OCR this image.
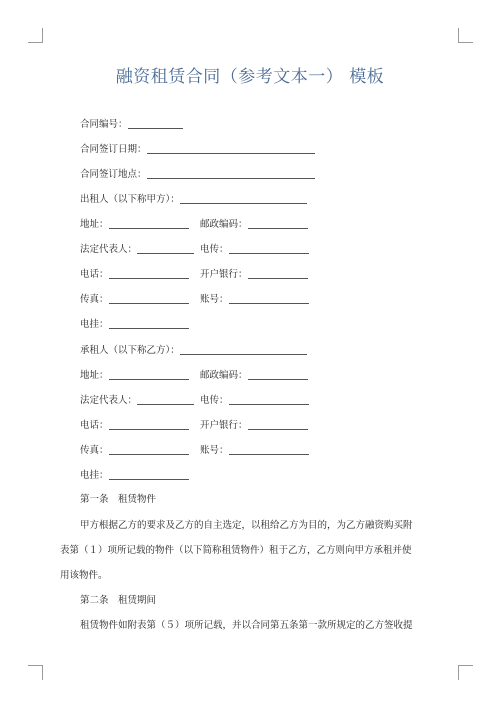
融资租赁合同（参考文本一） 模板
合同编号：
合同签订日期：
合同签订地点：
出租人（以下称甲方）：
地址：	邮政编码：
法定代表人：	电传：
电话：	开户银行：
传真：	账号：
电挂：
承租人（以下称乙方）：
地址：	邮政编码：
法定代表人：	电传：
电话：	开户银行：
传真：	账号：
电挂：
第一条　租赁物件
甲方根据乙方的要求及乙方的自主选定，以租给乙方为目的，为乙方融资购买附
表第（１）项所记载的物件（以下简称租赁物件）租于乙方，乙方则向甲方承租并使
用该物件。
第二条　租赁期间
租赁物件如附表第（５）项所记载，并以合同第五条第一款所规定的乙方签收提
